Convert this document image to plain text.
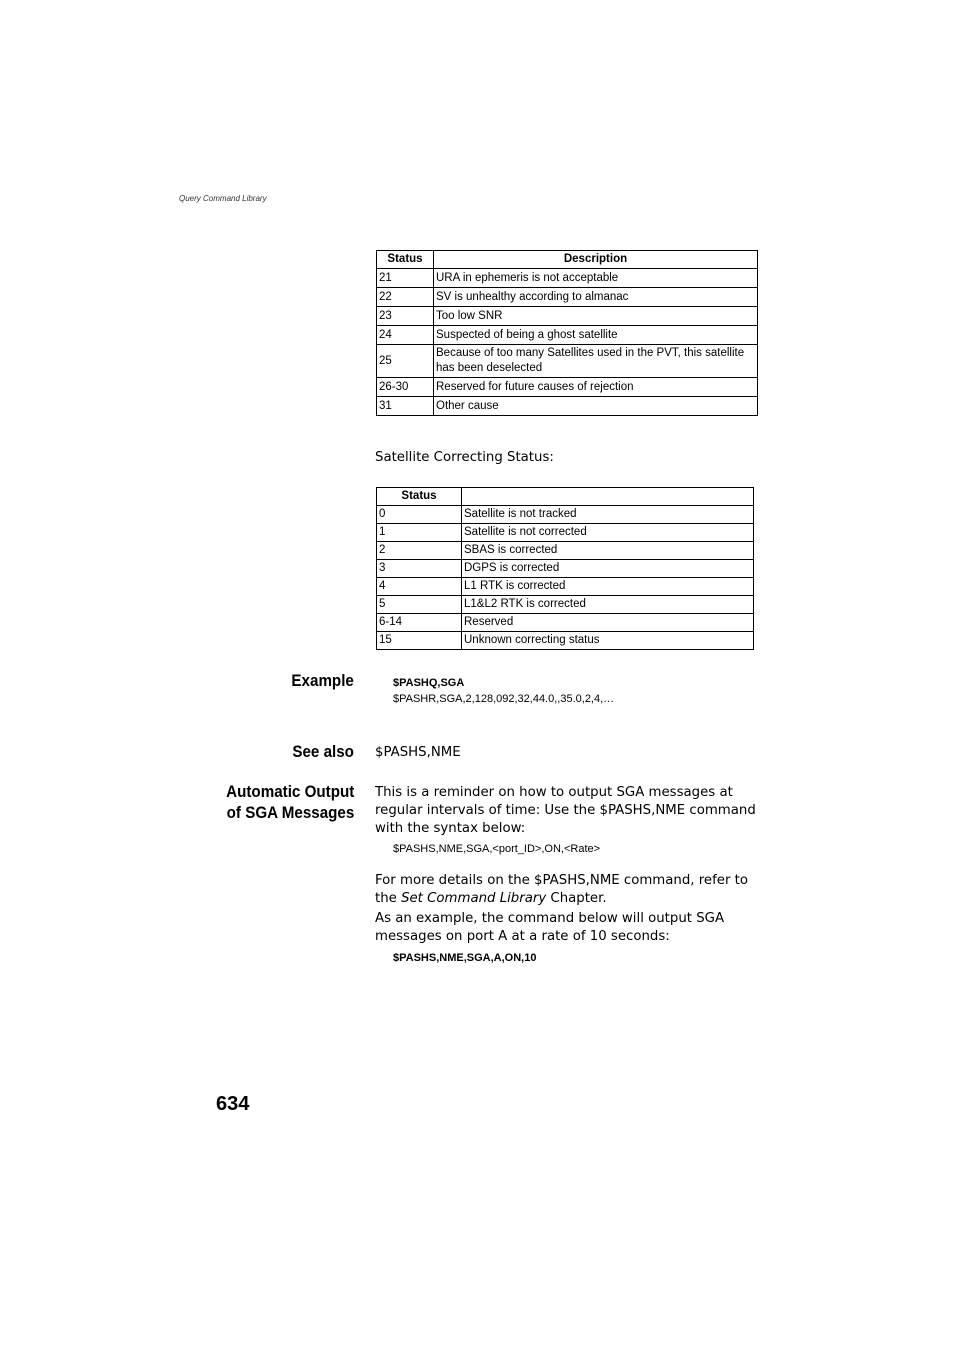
Query Command Library
Status	Description
21	URA in ephemeris is not acceptable
22	SV is unhealthy according to almanac
23	Too low SNR
24	Suspected of being a ghost satellite
25	Because of too many Satellites used in the PVT, this satellite has been deselected
26-30	Reserved for future causes of rejection
31	Other cause
Satellite Correcting Status:
Status	
0	Satellite is not tracked
1	Satellite is not corrected
2	SBAS is corrected
3	DGPS is corrected
4	L1 RTK is corrected
5	L1&L2 RTK is corrected
6-14	Reserved
15	Unknown correcting status
Example	$PASHQ,SGA
$PASHR,SGA,2,128,092,32,44.0,,35.0,2,4,…
See also $PASHS,NME
Automatic Output
of SGA Messages
This is a reminder on how to output SGA messages at regular intervals of time: Use the $PASHS,NME command with the syntax below:
$PASHS,NME,SGA,<port_ID>,ON,<Rate>
For more details on the $PASHS,NME command, refer to the Set Command Library Chapter.
As an example, the command below will output SGA messages on port A at a rate of 10 seconds:
$PASHS,NME,SGA,A,ON,10
634
